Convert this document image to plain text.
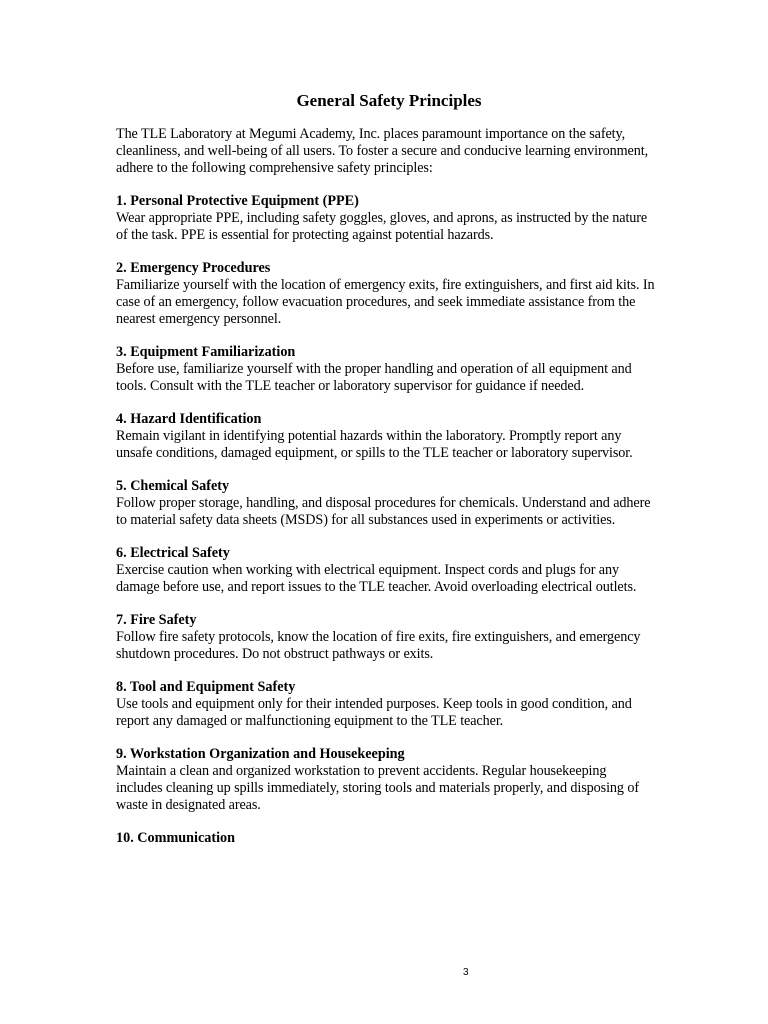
General Safety Principles

The TLE Laboratory at Megumi Academy, Inc. places paramount importance on the safety, cleanliness, and well-being of all users. To foster a secure and conducive learning environment, adhere to the following comprehensive safety principles:

1. Personal Protective Equipment (PPE)

Wear appropriate PPE, including safety goggles, gloves, and aprons, as instructed by the nature of the task. PPE is essential for protecting against potential hazards.

2. Emergency Procedures

Familiarize yourself with the location of emergency exits, fire extinguishers, and first aid kits. In case of an emergency, follow evacuation procedures, and seek immediate assistance from the nearest emergency personnel.

3. Equipment Familiarization

Before use, familiarize yourself with the proper handling and operation of all equipment and tools. Consult with the TLE teacher or laboratory supervisor for guidance if needed.

4. Hazard Identification

Remain vigilant in identifying potential hazards within the laboratory. Promptly report any unsafe conditions, damaged equipment, or spills to the TLE teacher or laboratory supervisor.

5. Chemical Safety

Follow proper storage, handling, and disposal procedures for chemicals. Understand and adhere to material safety data sheets (MSDS) for all substances used in experiments or activities.

6. Electrical Safety

Exercise caution when working with electrical equipment. Inspect cords and plugs for any damage before use, and report issues to the TLE teacher. Avoid overloading electrical outlets.

7. Fire Safety

Follow fire safety protocols, know the location of fire exits, fire extinguishers, and emergency shutdown procedures. Do not obstruct pathways or exits.

8. Tool and Equipment Safety

Use tools and equipment only for their intended purposes. Keep tools in good condition, and report any damaged or malfunctioning equipment to the TLE teacher.

9. Workstation Organization and Housekeeping

Maintain a clean and organized workstation to prevent accidents. Regular housekeeping includes cleaning up spills immediately, storing tools and materials properly, and disposing of waste in designated areas.

10. Communication

3
